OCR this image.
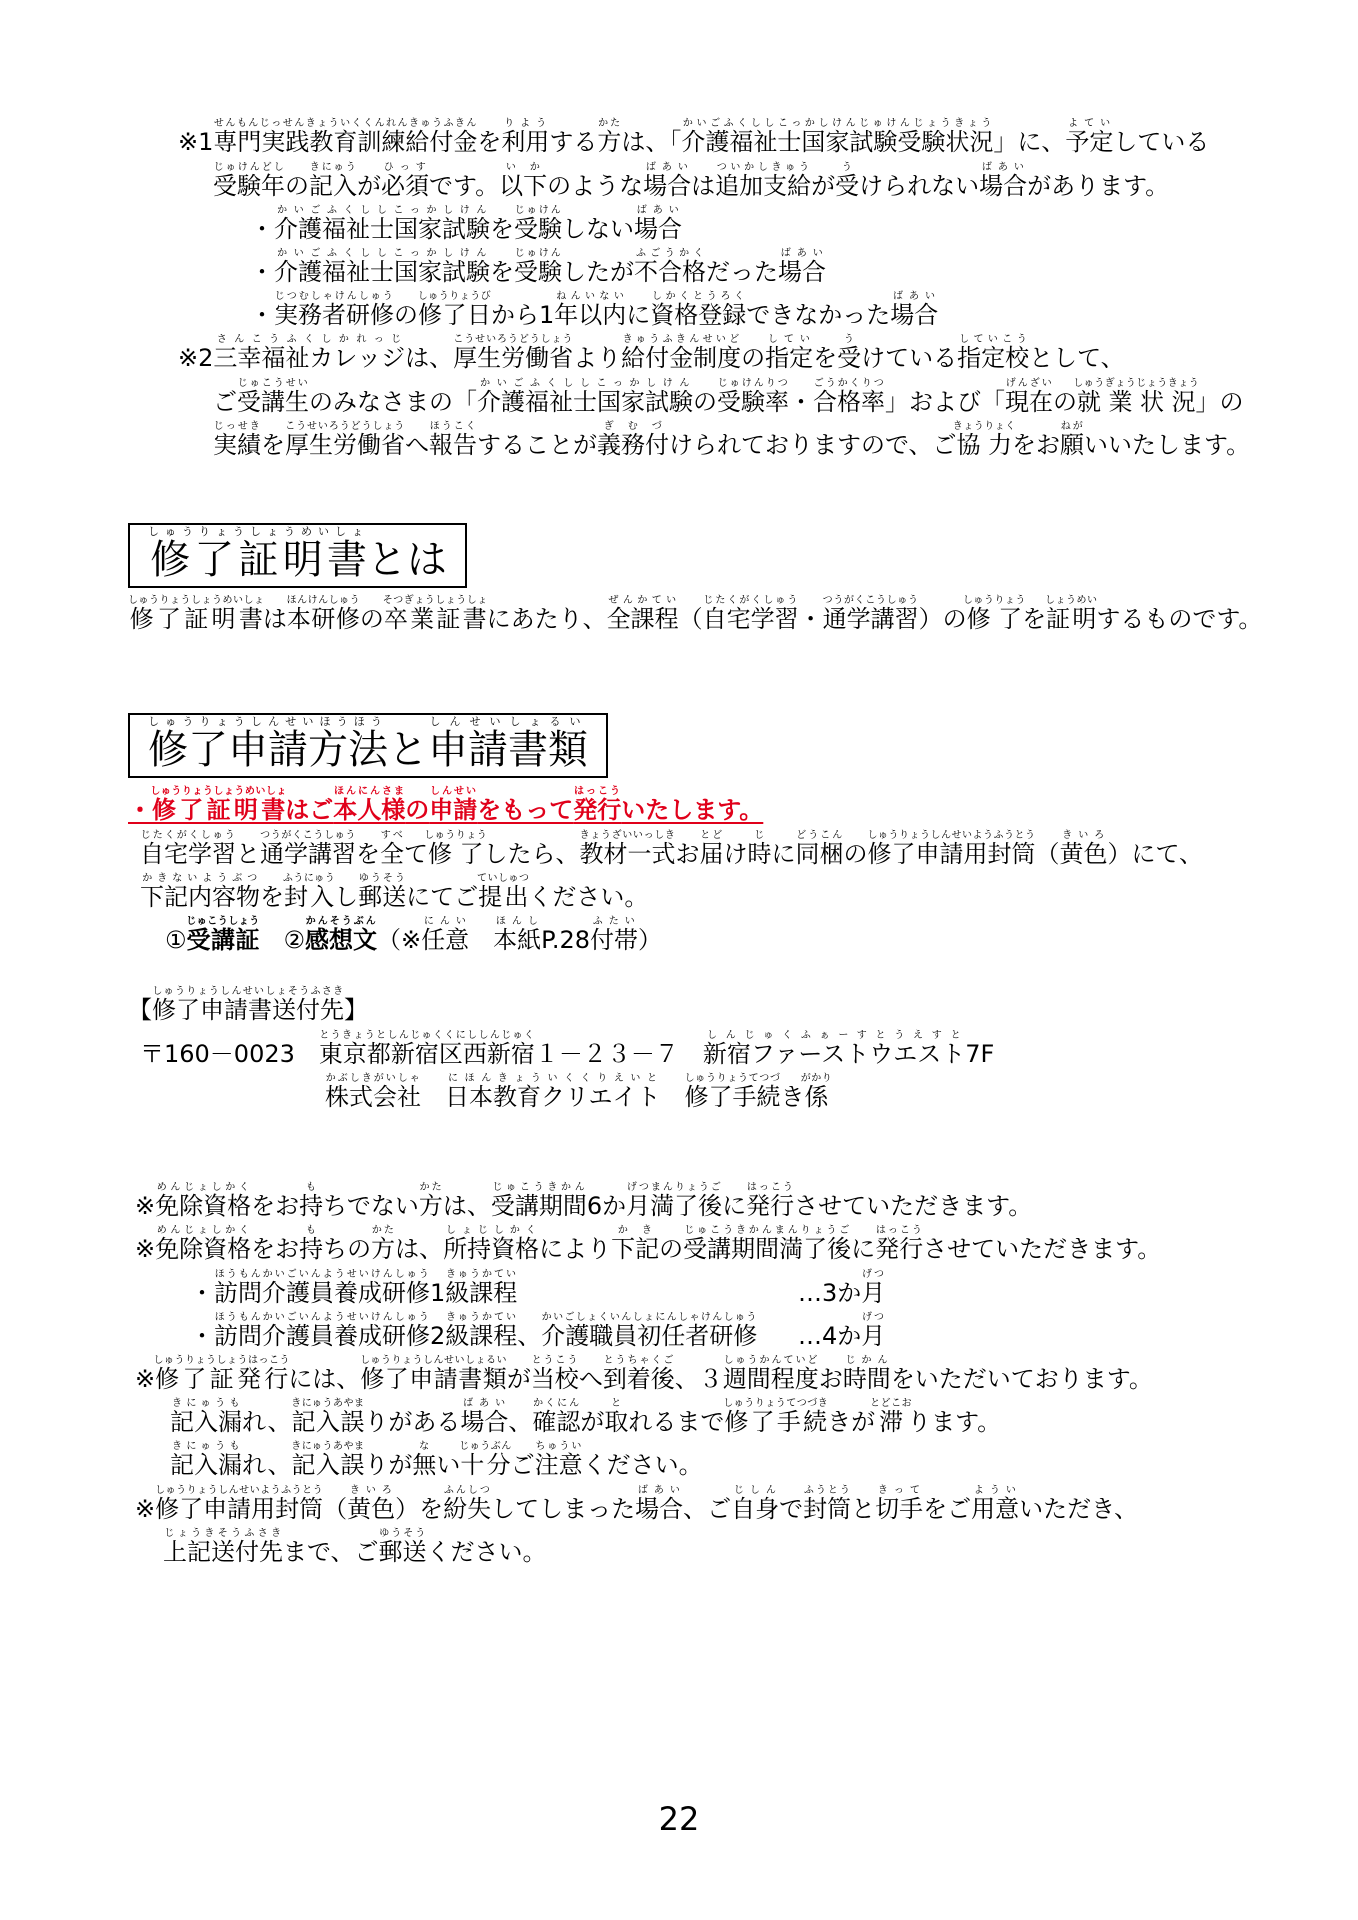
※1専門実践教育訓練給付金せんもんじっせんきょういくくんれんきゅうふきんを利用りようする方かたは、「介護福祉士国家試験受験状況かいごふくししこっかしけんじゅけんじょうきょう」に、予定よていしている
受験年じゅけんどしの記入きにゅうが必須ひっすです。以下いかのような場合ばあいは追加支給ついかしきゅうが受うけられない場合ばあいがあります。
・介護福祉士国家試験かいごふくししこっかしけんを受験じゅけんしない場合ばあい
・介護福祉士国家試験かいごふくししこっかしけんを受験じゅけんしたが不合格ふごうかくだった場合ばあい
・実務者研修じつむしゃけんしゅうの修了日しゅうりょうびから1年以内ねんいないに資格登録しかくとうろくできなかった場合ばあい
※2三幸福祉カレッジさんこうふくしかれっじは、厚生労働省こうせいろうどうしょうより給付金制度きゅうふきんせいどの指定していを受うけている指定校していこうとして、
ご受講生じゅこうせいのみなさまの「介護福祉士国家試験かいごふくししこっかしけんの受験率じゅけんりつ・合格率ごうかくりつ」および「現在げんざいの就業状況しゅうぎょうじょうきょう」の
実績じっせきを厚生労働省こうせいろうどうしょうへ報告ほうこくすることが義務付ぎむづけられておりますので、ご協力きょうりょくをお願ねがいいたします。
修了証明書しゅうりょうしょうめいしょとは
修了証明書しゅうりょうしょうめいしょは本研修ほんけんしゅうの卒業証書そつぎょうしょうしょにあたり、全課程ぜんかてい（自宅学習じたくがくしゅう・通学講習つうがくこうしゅう）の修了しゅうりょうを証明しょうめいするものです。
修了申請方法しゅうりょうしんせいほうほうと申請書類しんせいしょるい
・修了証明書しゅうりょうしょうめいしょはご本人様ほんにんさまの申請しんせいをもって発行はっこういたします。
自宅学習じたくがくしゅうと通学講習つうがくこうしゅうを全すべて修了しゅうりょうしたら、教材一式きょうざいいっしきお届とどけ時じに同梱どうこんの修了申請用封筒しゅうりょうしんせいようふうとう（黄色きいろ）にて、
下記内容物かきないようぶつを封入ふうにゅうし郵送ゆうそうにてご提出ていしゅつください。
①受講証じゅこうしょう　②感想文かんそうぶん（※任意にんい　本紙ほんしP.28付帯ふたい）
【修了申請書送付先しゅうりょうしんせいしょそうふさき】
〒160－0023　東京都新宿区西新宿とうきょうとしんじゅくくにししんじゅく１－２３－７　新宿ファーストウエストしんじゅくふぁーすとうえすと7F
株式会社かぶしきがいしゃ　日本教育クリエイトにほんきょういくくりえいと　修了手続しゅうりょうてつづき係がかり
※免除資格めんじょしかくをお持もちでない方かたは、受講期間じゅこうきかん6か月満了後げつまんりょうごに発行はっこうさせていただきます。
※免除資格めんじょしかくをお持もちの方かたは、所持資格しょじしかくにより下記かきの受講期間満了後じゅこうきかんまんりょうごに発行はっこうさせていただきます。
・訪問介護員養成研修ほうもんかいごいんようせいけんしゅう1級課程きゅうかてい
…3か月げつ
・訪問介護員養成研修ほうもんかいごいんようせいけんしゅう2級課程きゅうかてい、介護職員初任者研修かいごしょくいんしょにんしゃけんしゅう
…4か月げつ
※修了証発行しゅうりょうしょうはっこうには、修了申請書類しゅうりょうしんせいしょるいが当校とうこうへ到着後とうちゃくご、３週間程度しゅうかんていどお時間じかんをいただいております。
記入漏きにゅうもれ、記入誤きにゅうあやまりがある場合ばあい、確認かくにんが取とれるまで修了手続しゅうりょうてつづききが滞とどこおります。
記入漏きにゅうもれ、記入誤きにゅうあやまりが無ない十分じゅうぶんご注意ちゅういください。
※修了申請用封筒しゅうりょうしんせいようふうとう（黄色きいろ）を紛失ふんしつしてしまった場合ばあい、ご自身じしんで封筒ふうとうと切手きってをご用意よういいただき、
上記送付先じょうきそうふさきまで、ご郵送ゆうそうください。
22
